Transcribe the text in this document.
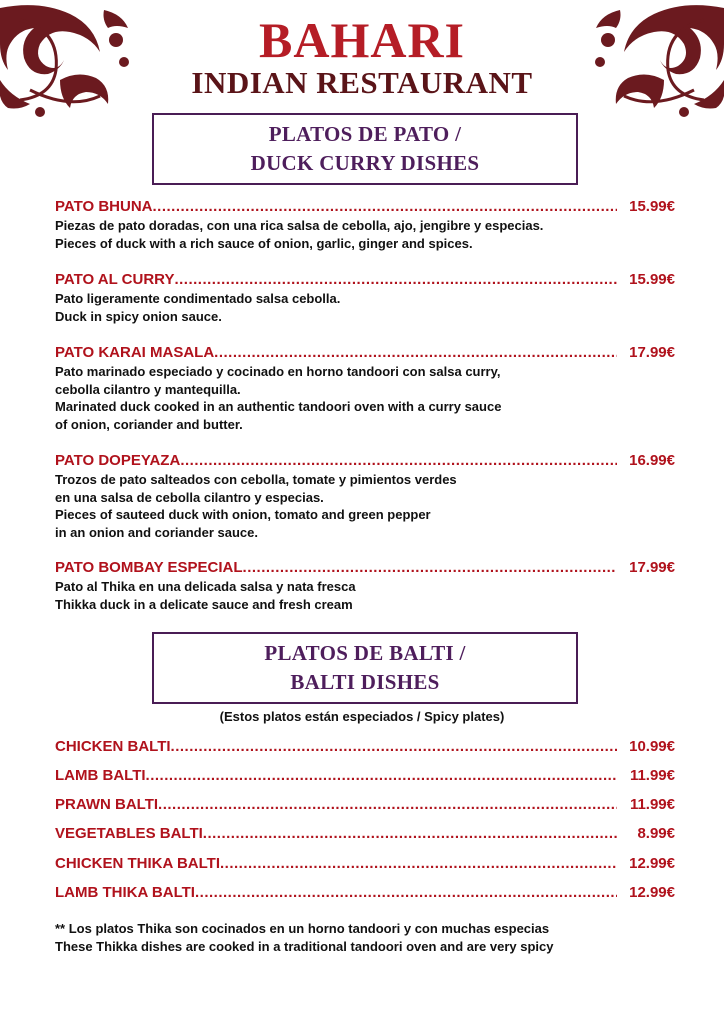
BAHARI
INDIAN RESTAURANT
PLATOS DE PATO /
DUCK CURRY DISHES
PATO BHUNA .....	15.99€
Piezas de pato doradas, con una rica salsa de cebolla, ajo, jengibre y especias.
Pieces of duck with a rich sauce of onion, garlic, ginger and spices.
PATO AL CURRY .....	15.99€
Pato ligeramente condimentado salsa cebolla.
Duck in spicy onion sauce.
PATO KARAI MASALA .....	17.99€
Pato marinado especiado y cocinado en horno tandoori con salsa curry,
cebolla cilantro y mantequilla.
Marinated duck cooked in an authentic tandoori oven with a curry sauce
of onion, coriander and butter.
PATO DOPEYAZA .....	16.99€
Trozos de pato salteados con cebolla, tomate y pimientos verdes
en una salsa de cebolla cilantro y especias.
Pieces of sauteed duck with onion, tomato and green pepper
in an onion and coriander sauce.
PATO BOMBAY ESPECIAL .....	17.99€
Pato al Thika en una delicada salsa y nata fresca
Thikka duck in a delicate sauce and fresh cream
PLATOS DE BALTI /
BALTI DISHES
(Estos platos están especiados / Spicy plates)
CHICKEN BALTI .....	10.99€
LAMB BALTI .....	11.99€
PRAWN BALTI .....	11.99€
VEGETABLES BALTI .....	8.99€
CHICKEN THIKA BALTI .....	12.99€
LAMB THIKA BALTI .....	12.99€
** Los platos Thika son cocinados en un horno tandoori y con muchas especias
These Thikka dishes are cooked in a traditional tandoori oven and are very spicy
